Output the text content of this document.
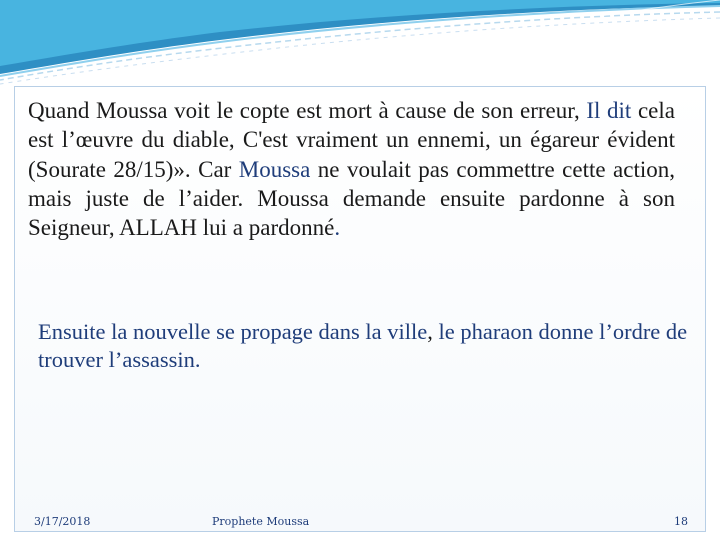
Quand Moussa voit le copte est mort à cause de son erreur, Il dit cela est l’œuvre du diable, C'est vraiment un ennemi, un égareur évident (Sourate 28/15)». Car Moussa ne voulait pas commettre cette action, mais juste de l’aider. Moussa demande ensuite pardonne à son Seigneur, ALLAH lui a pardonné.

Ensuite la nouvelle se propage dans la ville, le pharaon donne l’ordre de trouver l’assassin.

3/17/2018	Prophete Moussa	18
